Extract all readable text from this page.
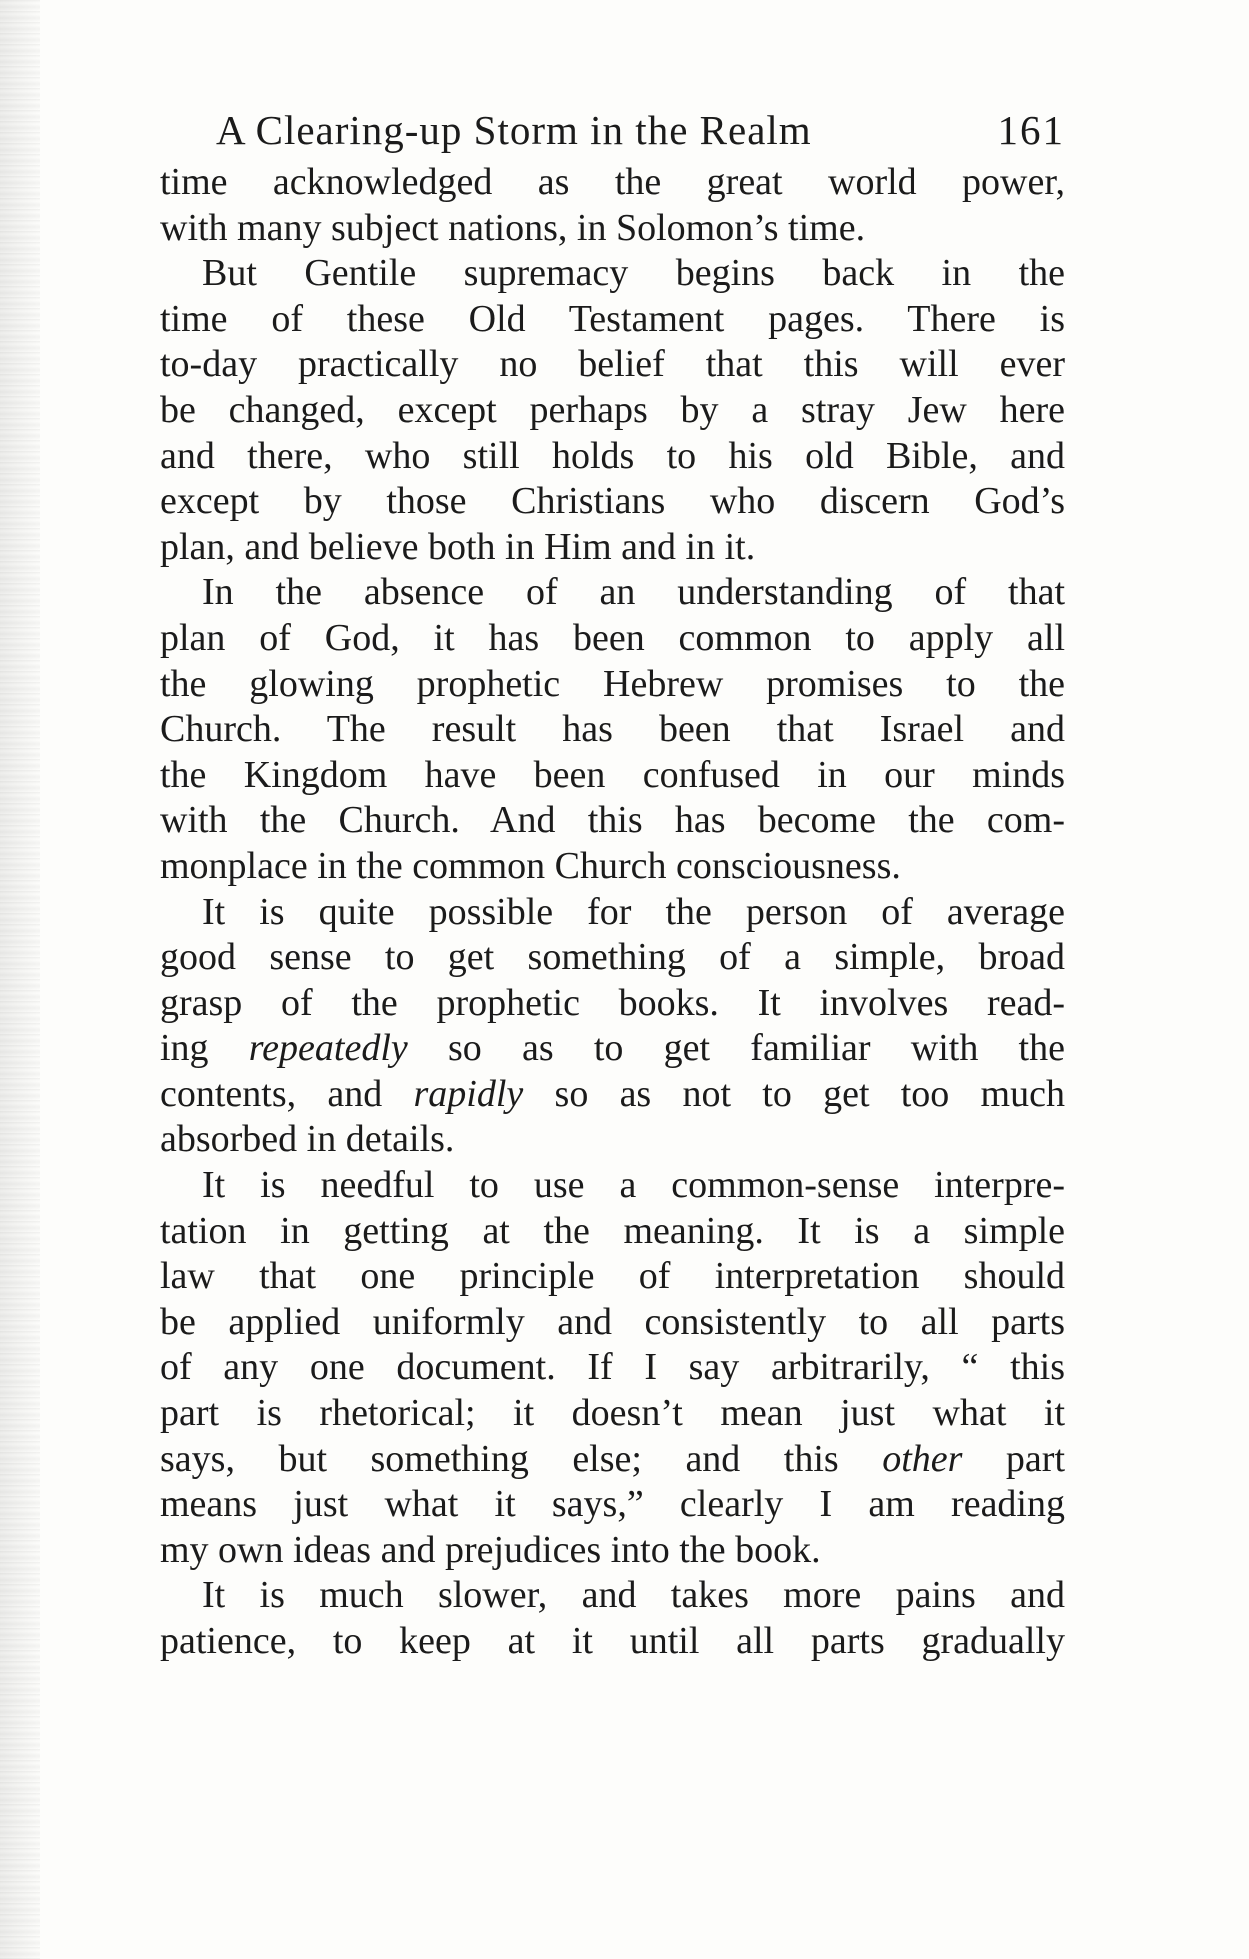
A Clearing-up Storm in the Realm	161
time acknowledged as the great world power,
with many subject nations, in Solomon’s time.
But Gentile supremacy begins back in the
time of these Old Testament pages. There is
to-day practically no belief that this will ever
be changed, except perhaps by a stray Jew here
and there, who still holds to his old Bible, and
except by those Christians who discern God’s
plan, and believe both in Him and in it.
In the absence of an understanding of that
plan of God, it has been common to apply all
the glowing prophetic Hebrew promises to the
Church. The result has been that Israel and
the Kingdom have been confused in our minds
with the Church. And this has become the com-
monplace in the common Church consciousness.
It is quite possible for the person of average
good sense to get something of a simple, broad
grasp of the prophetic books. It involves read-
ing repeatedly so as to get familiar with the
contents, and rapidly so as not to get too much
absorbed in details.
It is needful to use a common-sense interpre-
tation in getting at the meaning. It is a simple
law that one principle of interpretation should
be applied uniformly and consistently to all parts
of any one document. If I say arbitrarily, “ this
part is rhetorical; it doesn’t mean just what it
says, but something else; and this other part
means just what it says,” clearly I am reading
my own ideas and prejudices into the book.
It is much slower, and takes more pains and
patience, to keep at it until all parts gradually
